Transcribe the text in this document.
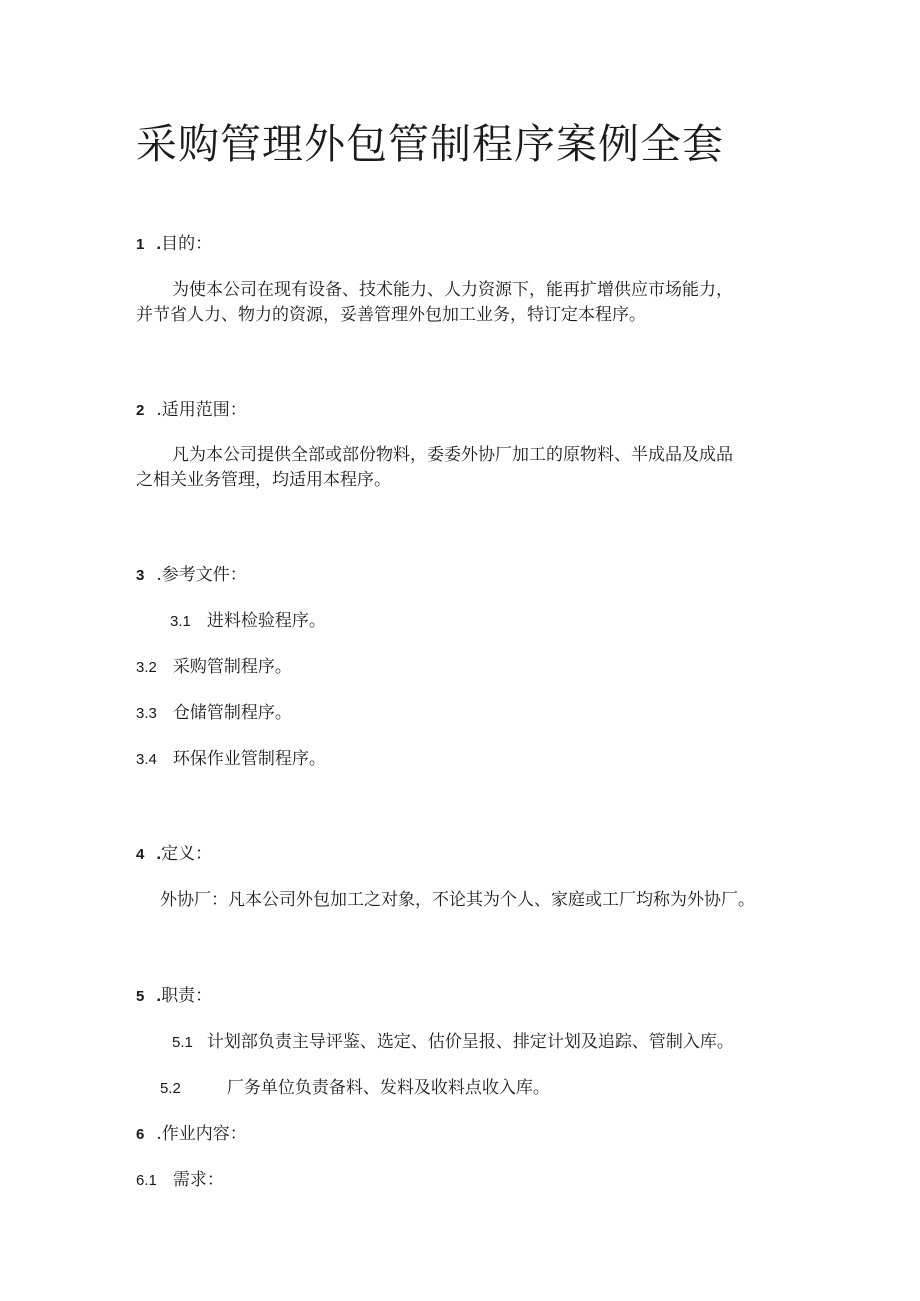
采购管理外包管制程序案例全套
1 .目的：
为使本公司在现有设备、技术能力、人力资源下，能再扩增供应市场能力，
并节省人力、物力的资源，妥善管理外包加工业务，特订定本程序。
2 .适用范围：
凡为本公司提供全部或部份物料，委委外协厂加工的原物料、半成品及成品
之相关业务管理，均适用本程序。
3 .参考文件：
3.1 进料检验程序。
3.2 采购管制程序。
3.3 仓储管制程序。
3.4 环保作业管制程序。
4 .定义：
外协厂：凡本公司外包加工之对象，不论其为个人、家庭或工厂均称为外协厂。
5 .职责：
5.1 计划部负责主导评鉴、选定、估价呈报、排定计划及追踪、管制入库。
5.2	厂务单位负责备料、发料及收料点收入库。
6 .作业内容：
6.1 需求：
